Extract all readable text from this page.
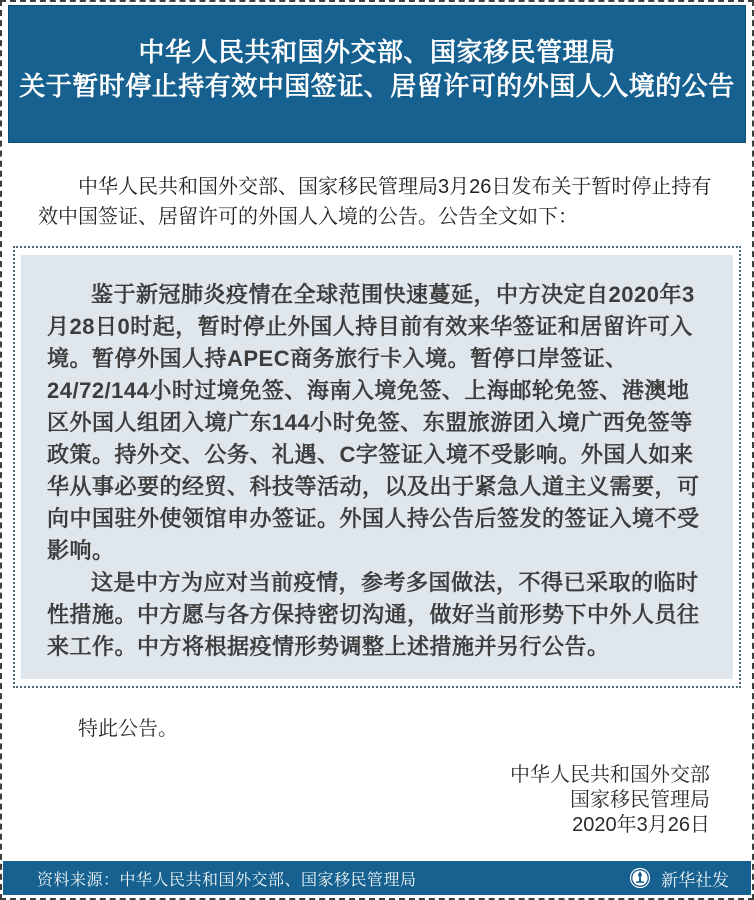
中华人民共和国外交部、国家移民管理局
关于暂时停止持有效中国签证、居留许可的外国人入境的公告

中华人民共和国外交部、国家移民管理局3月26日发布关于暂时停止持有效中国签证、居留许可的外国人入境的公告。公告全文如下：

鉴于新冠肺炎疫情在全球范围快速蔓延，中方决定自2020年3月28日0时起，暂时停止外国人持目前有效来华签证和居留许可入境。暂停外国人持APEC商务旅行卡入境。暂停口岸签证、24/72/144小时过境免签、海南入境免签、上海邮轮免签、港澳地区外国人组团入境广东144小时免签、东盟旅游团入境广西免签等政策。持外交、公务、礼遇、C字签证入境不受影响。外国人如来华从事必要的经贸、科技等活动，以及出于紧急人道主义需要，可向中国驻外使领馆申办签证。外国人持公告后签发的签证入境不受影响。

这是中方为应对当前疫情，参考多国做法，不得已采取的临时性措施。中方愿与各方保持密切沟通，做好当前形势下中外人员往来工作。中方将根据疫情形势调整上述措施并另行公告。

特此公告。

中华人民共和国外交部
国家移民管理局
2020年3月26日
资料来源：中华人民共和国外交部、国家移民管理局	新华社发
